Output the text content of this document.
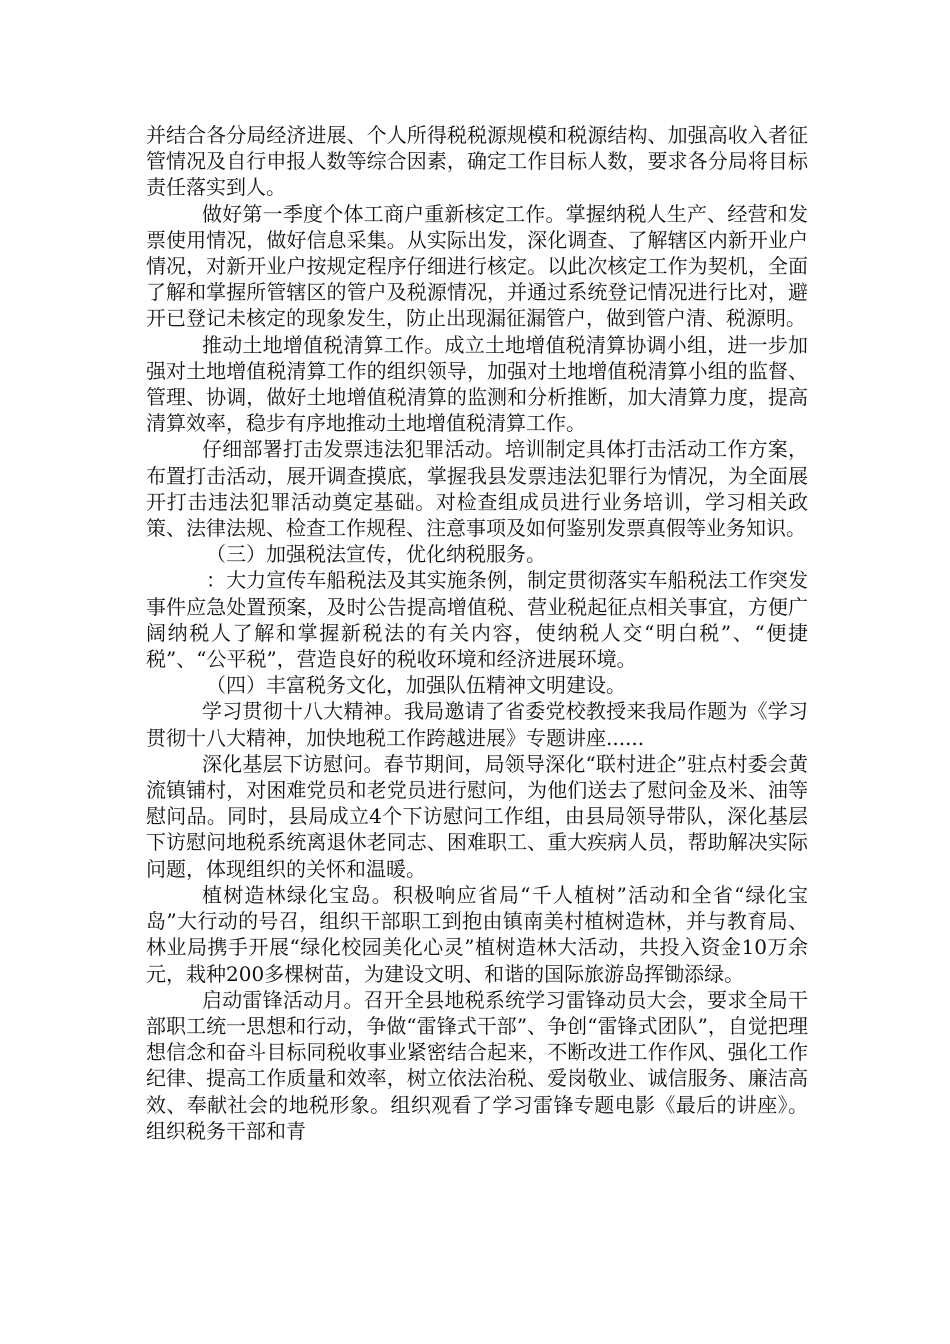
并结合各分局经济进展、个人所得税税源规模和税源结构、加强高收入者征管情况及自行申报人数等综合因素，确定工作目标人数，要求各分局将目标责任落实到人。

做好第一季度个体工商户重新核定工作。掌握纳税人生产、经营和发票使用情况，做好信息采集。从实际出发，深化调查、了解辖区内新开业户情况，对新开业户按规定程序仔细进行核定。以此次核定工作为契机，全面了解和掌握所管辖区的管户及税源情况，并通过系统登记情况进行比对，避开已登记未核定的现象发生，防止出现漏征漏管户，做到管户清、税源明。

推动土地增值税清算工作。成立土地增值税清算协调小组，进一步加强对土地增值税清算工作的组织领导，加强对土地增值税清算小组的监督、管理、协调，做好土地增值税清算的监测和分析推断，加大清算力度，提高清算效率，稳步有序地推动土地增值税清算工作。

仔细部署打击发票违法犯罪活动。培训制定具体打击活动工作方案，布置打击活动，展开调查摸底，掌握我县发票违法犯罪行为情况，为全面展开打击违法犯罪活动奠定基础。对检查组成员进行业务培训，学习相关政策、法律法规、检查工作规程、注意事项及如何鉴别发票真假等业务知识。

（三）加强税法宣传，优化纳税服务。

：大力宣传车船税法及其实施条例，制定贯彻落实车船税法工作突发事件应急处置预案，及时公告提高增值税、营业税起征点相关事宜，方便广阔纳税人了解和掌握新税法的有关内容，使纳税人交“明白税”、“便捷税”、“公平税”，营造良好的税收环境和经济进展环境。

（四）丰富税务文化，加强队伍精神文明建设。

学习贯彻十八大精神。我局邀请了省委党校教授来我局作题为《学习贯彻十八大精神，加快地税工作跨越进展》专题讲座......

深化基层下访慰问。春节期间，局领导深化“联村进企”驻点村委会黄流镇铺村，对困难党员和老党员进行慰问，为他们送去了慰问金及米、油等慰问品。同时，县局成立4个下访慰问工作组，由县局领导带队，深化基层下访慰问地税系统离退休老同志、困难职工、重大疾病人员，帮助解决实际问题，体现组织的关怀和温暖。

植树造林绿化宝岛。积极响应省局“千人植树”活动和全省“绿化宝岛”大行动的号召，组织干部职工到抱由镇南美村植树造林，并与教育局、林业局携手开展“绿化校园美化心灵”植树造林大活动，共投入资金10万余元，栽种200多棵树苗，为建设文明、和谐的国际旅游岛挥锄添绿。

启动雷锋活动月。召开全县地税系统学习雷锋动员大会，要求全局干部职工统一思想和行动，争做“雷锋式干部”、争创“雷锋式团队”，自觉把理想信念和奋斗目标同税收事业紧密结合起来，不断改进工作作风、强化工作纪律、提高工作质量和效率，树立依法治税、爱岗敬业、诚信服务、廉洁高效、奉献社会的地税形象。组织观看了学习雷锋专题电影《最后的讲座》。组织税务干部和青
